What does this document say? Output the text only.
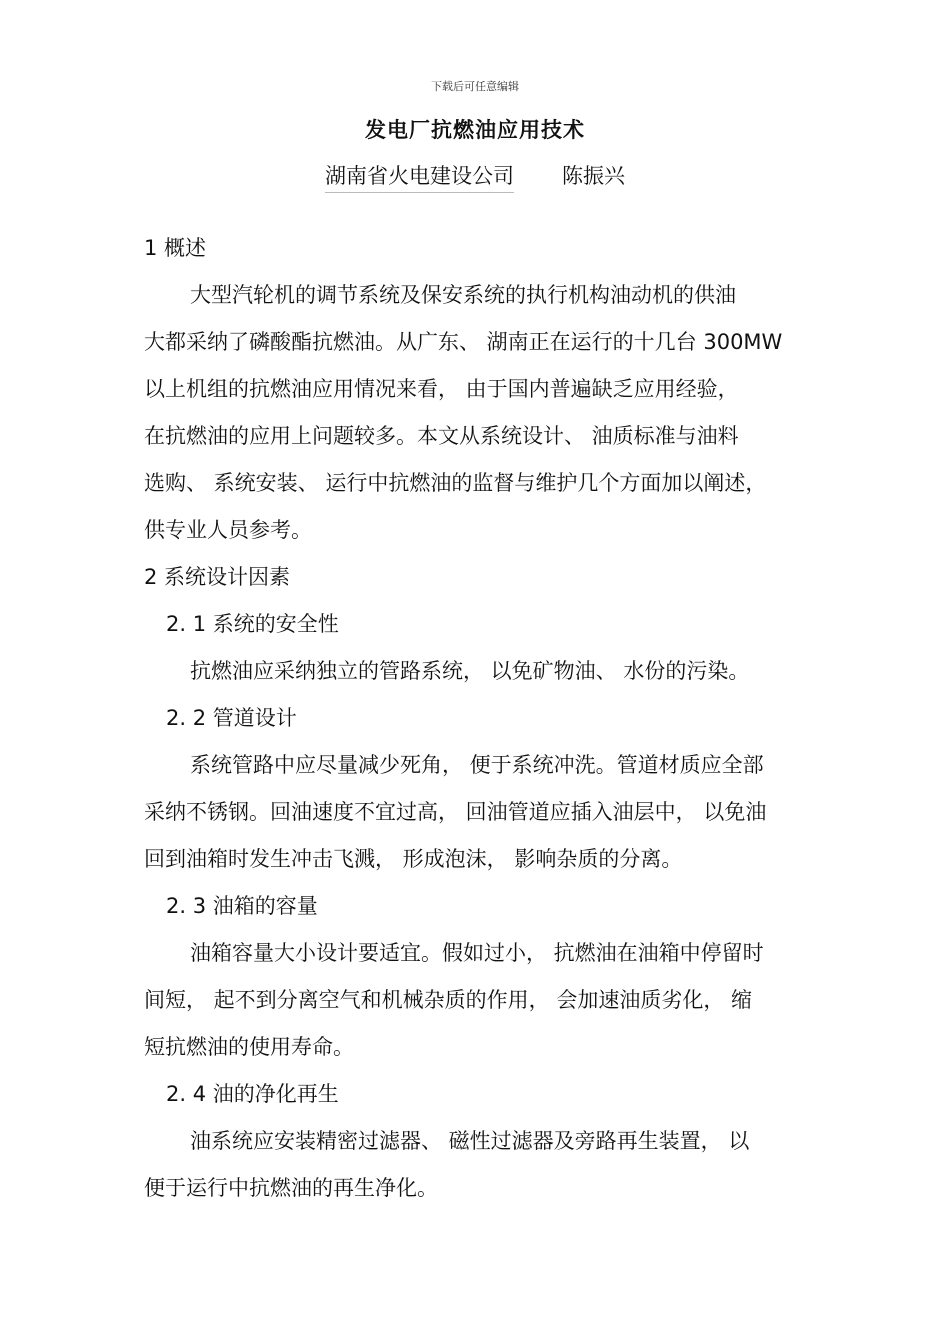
下载后可任意编辑
发电厂抗燃油应用技术
湖南省火电建设公司 陈振兴
1 概述
大型汽轮机的调节系统及保安系统的执行机构油动机的供油
大都采纳了磷酸酯抗燃油。从广东、 湖南正在运行的十几台 300MW
以上机组的抗燃油应用情况来看， 由于国内普遍缺乏应用经验，
在抗燃油的应用上问题较多。本文从系统设计、 油质标准与油料
选购、 系统安装、 运行中抗燃油的监督与维护几个方面加以阐述，
供专业人员参考。
2 系统设计因素
2. 1 系统的安全性
抗燃油应采纳独立的管路系统， 以免矿物油、 水份的污染。
2. 2 管道设计
系统管路中应尽量减少死角， 便于系统冲洗。管道材质应全部
采纳不锈钢。回油速度不宜过高， 回油管道应插入油层中， 以免油
回到油箱时发生冲击飞溅， 形成泡沫， 影响杂质的分离。
2. 3 油箱的容量
油箱容量大小设计要适宜。假如过小， 抗燃油在油箱中停留时
间短， 起不到分离空气和机械杂质的作用， 会加速油质劣化， 缩
短抗燃油的使用寿命。
2. 4 油的净化再生
油系统应安装精密过滤器、 磁性过滤器及旁路再生装置， 以
便于运行中抗燃油的再生净化。
